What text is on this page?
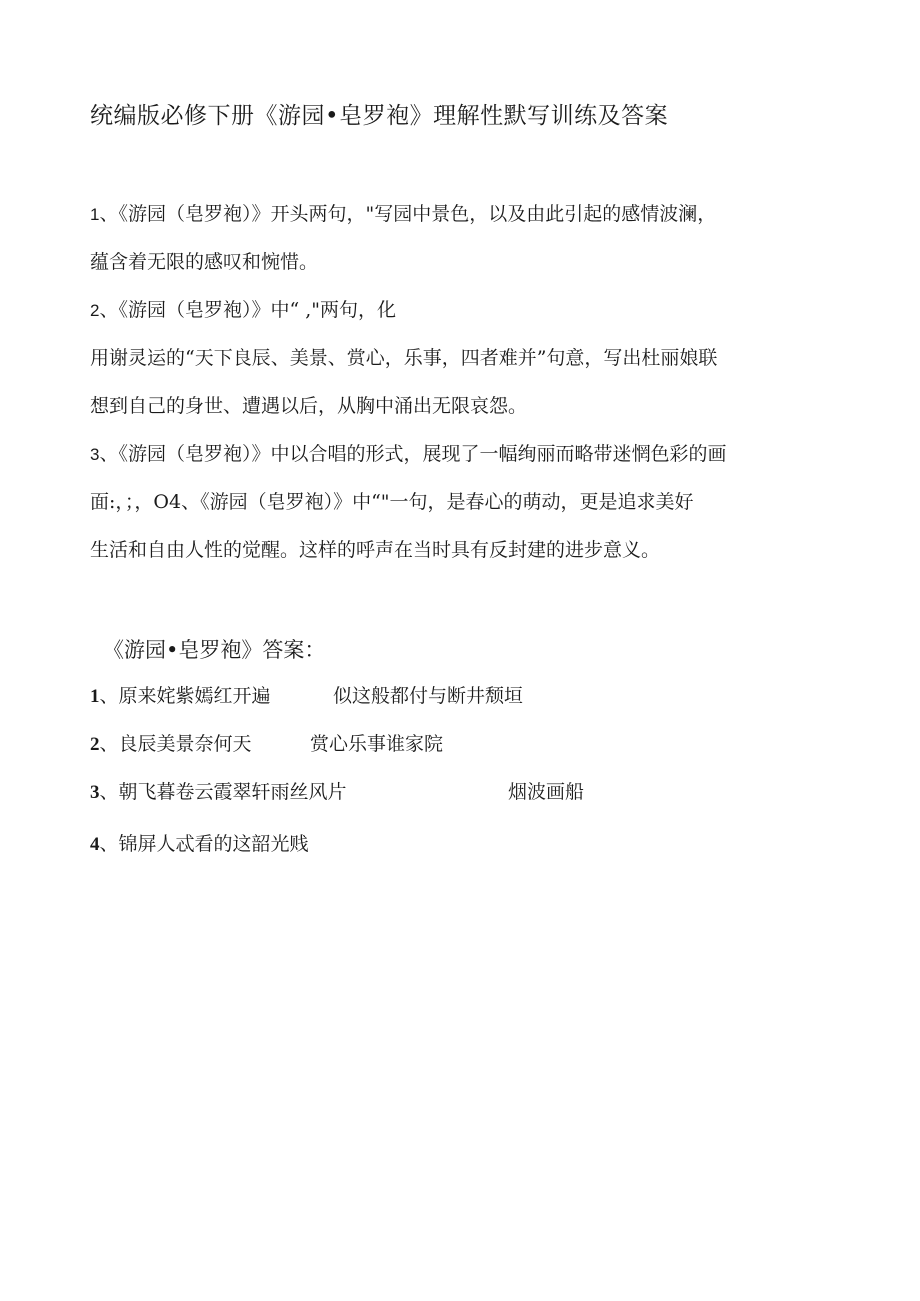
统编版必修下册《游园•皂罗袍》理解性默写训练及答案
1、《游园（皂罗袍）》开头两句，"写园中景色，以及由此引起的感情波澜，
蕴含着无限的感叹和惋惜。
2、《游园（皂罗袍）》中“ ,"两句，化
用谢灵运的“天下良辰、美景、赏心，乐事，四者难并”句意，写出杜丽娘联
想到自己的身世、遭遇以后，从胸中涌出无限哀怨。
3、《游园（皂罗袍）》中以合唱的形式，展现了一幅绚丽而略带迷惘色彩的画
面:，；，O4、《游园（皂罗袍）》中“"一句，是春心的萌动，更是追求美好
生活和自由人性的觉醒。这样的呼声在当时具有反封建的进步意义。
《游园•皂罗袍》答案：
1、原来姹紫嫣红开遍	似这般都付与断井颓垣
2、良辰美景奈何天	赏心乐事谁家院
3、朝飞暮卷云霞翠轩雨丝风片	烟波画船
4、锦屏人忒看的这韶光贱
